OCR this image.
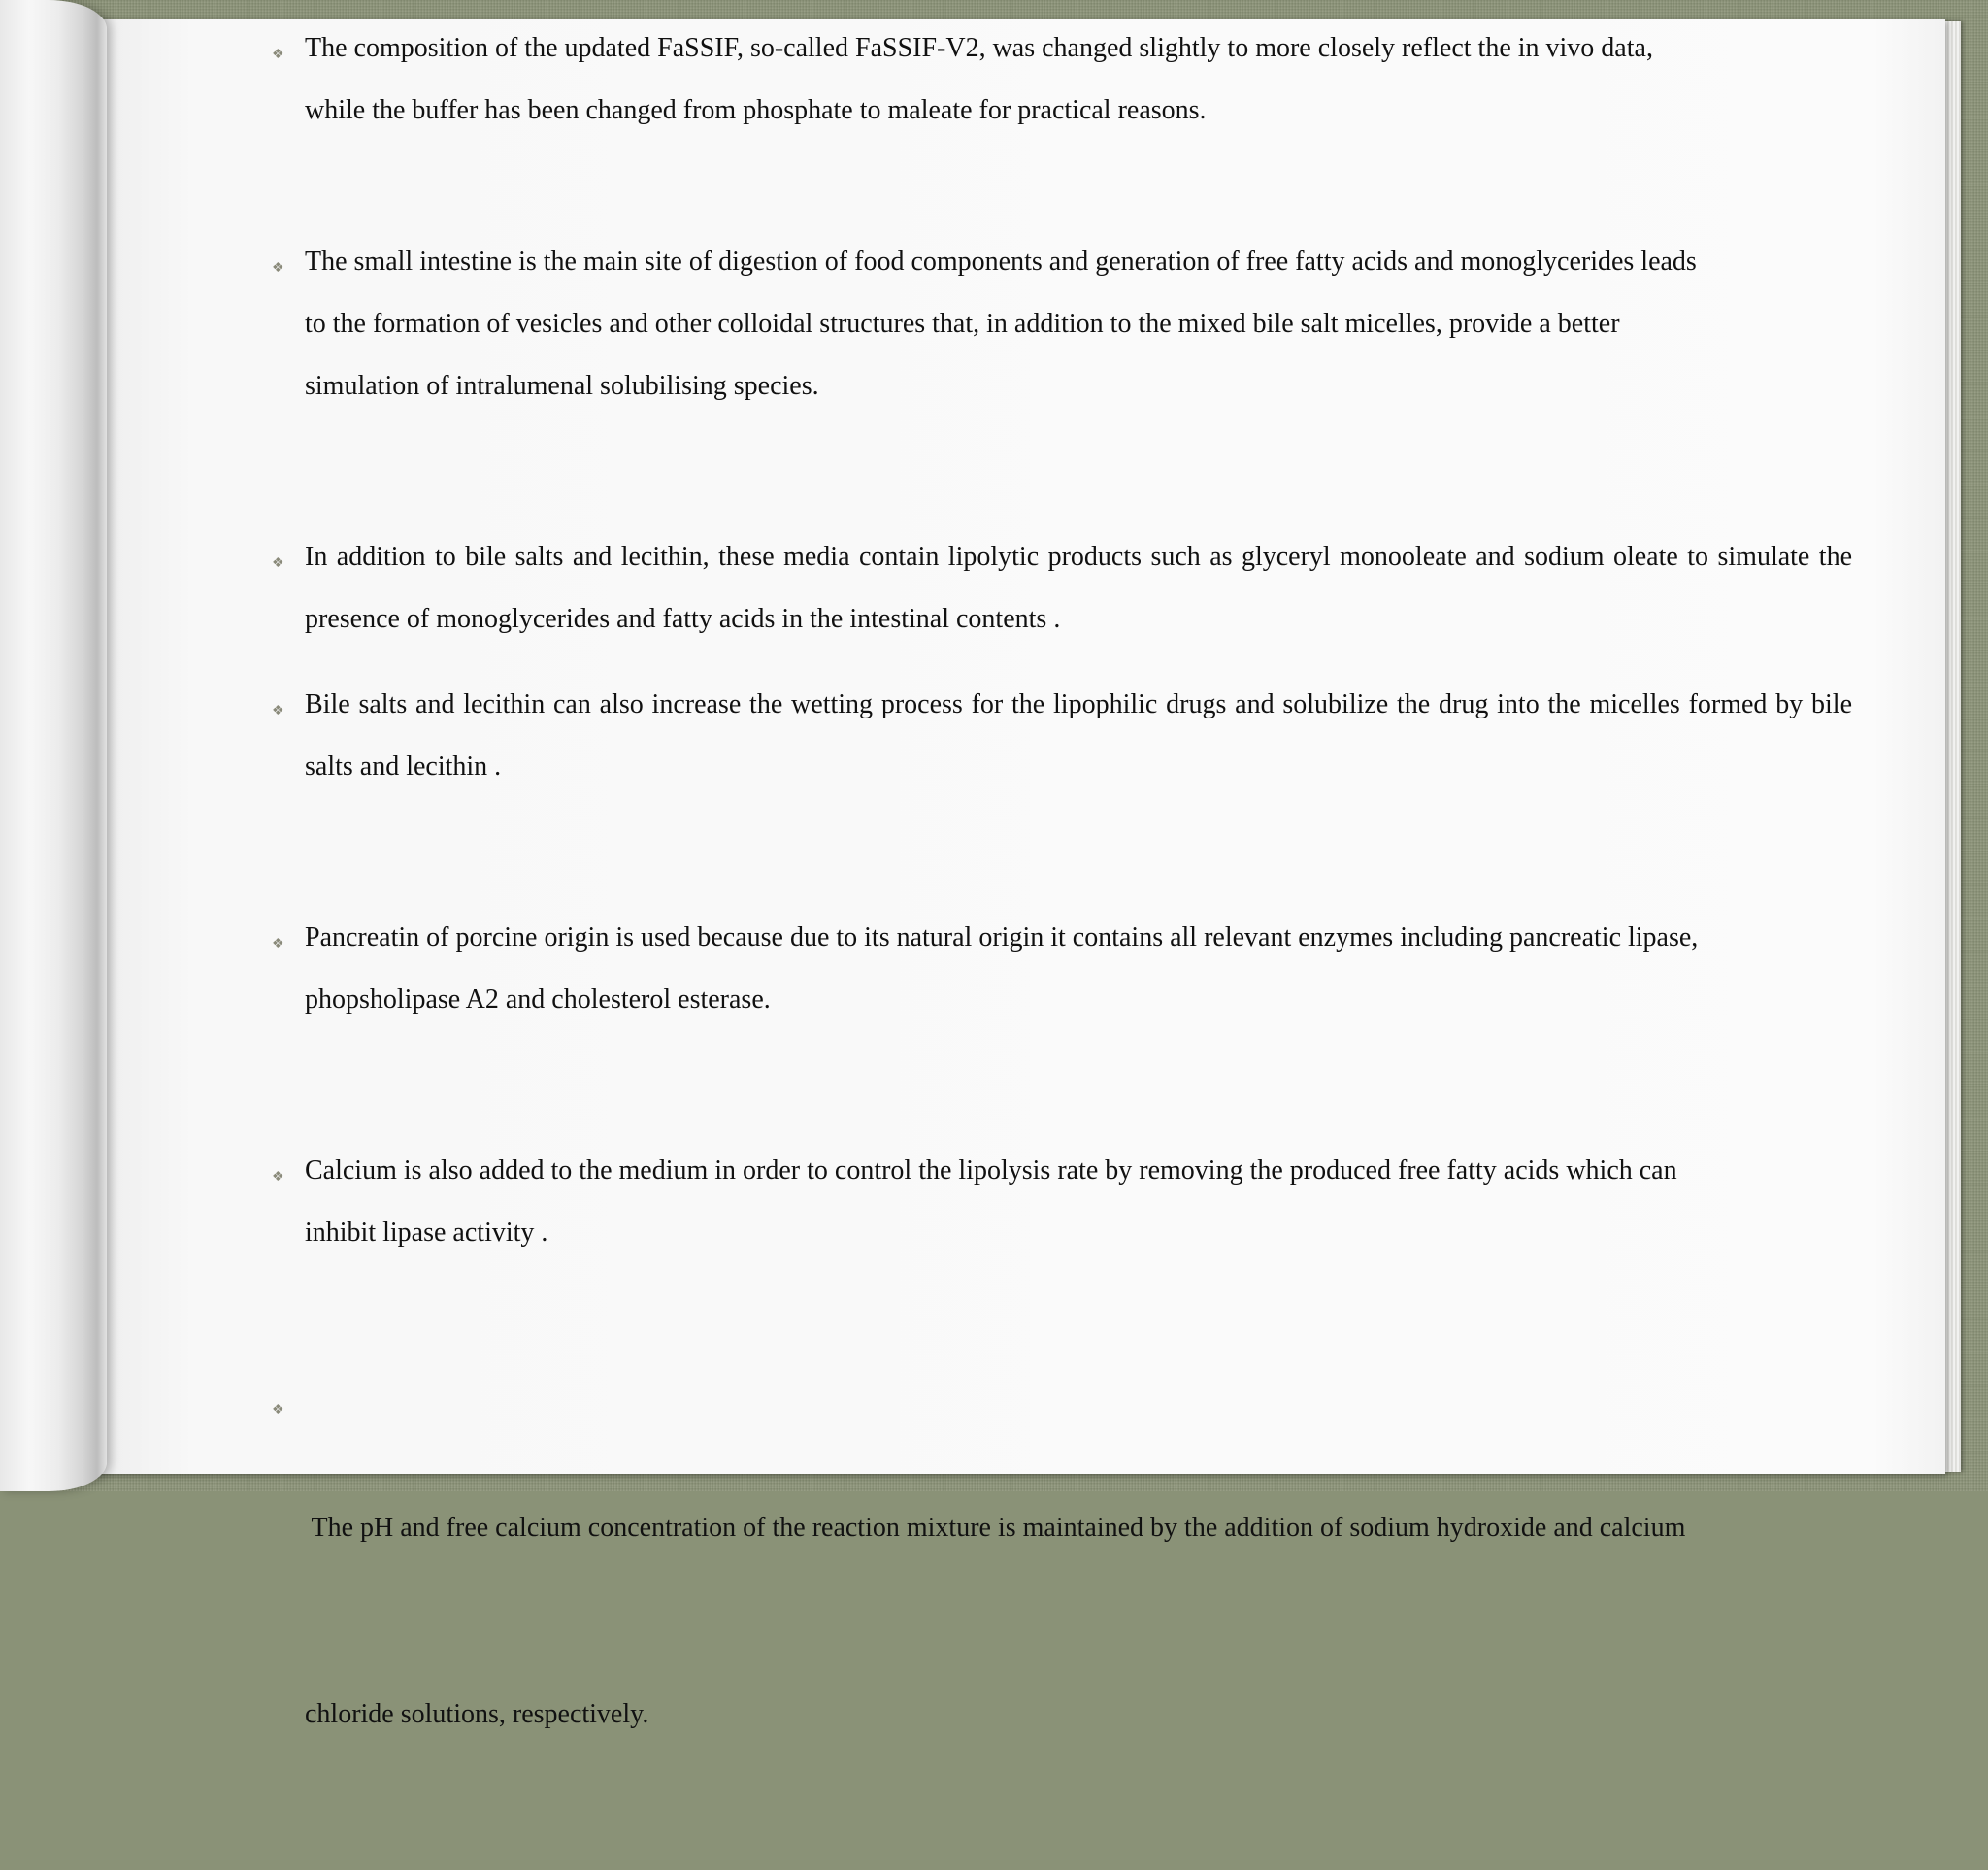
❖ The composition of the updated FaSSIF, so-called FaSSIF-V2, was changed slightly to more closely reflect the in vivo data,
while the buffer has been changed from phosphate to maleate for practical reasons.
❖ The small intestine is the main site of digestion of food components and generation of free fatty acids and monoglycerides leads
to the formation of vesicles and other colloidal structures that, in addition to the mixed bile salt micelles, provide a better
simulation of intralumenal solubilising species.
❖ In addition to bile salts and lecithin, these media contain lipolytic products such as glyceryl monooleate and sodium oleate to simulate the presence of monoglycerides and fatty acids in the intestinal contents .
❖ Bile salts and lecithin can also increase the wetting process for the lipophilic drugs and solubilize the drug into the micelles formed by bile salts and lecithin .
❖ Pancreatin of porcine origin is used because due to its natural origin it contains all relevant enzymes including pancreatic lipase,
phopsholipase A2 and cholesterol esterase.
❖ Calcium is also added to the medium in order to control the lipolysis rate by removing the produced free fatty acids which can
inhibit lipase activity .
❖

The pH and free calcium concentration of the reaction mixture is maintained by the addition of sodium hydroxide and calcium

chloride solutions, respectively.
